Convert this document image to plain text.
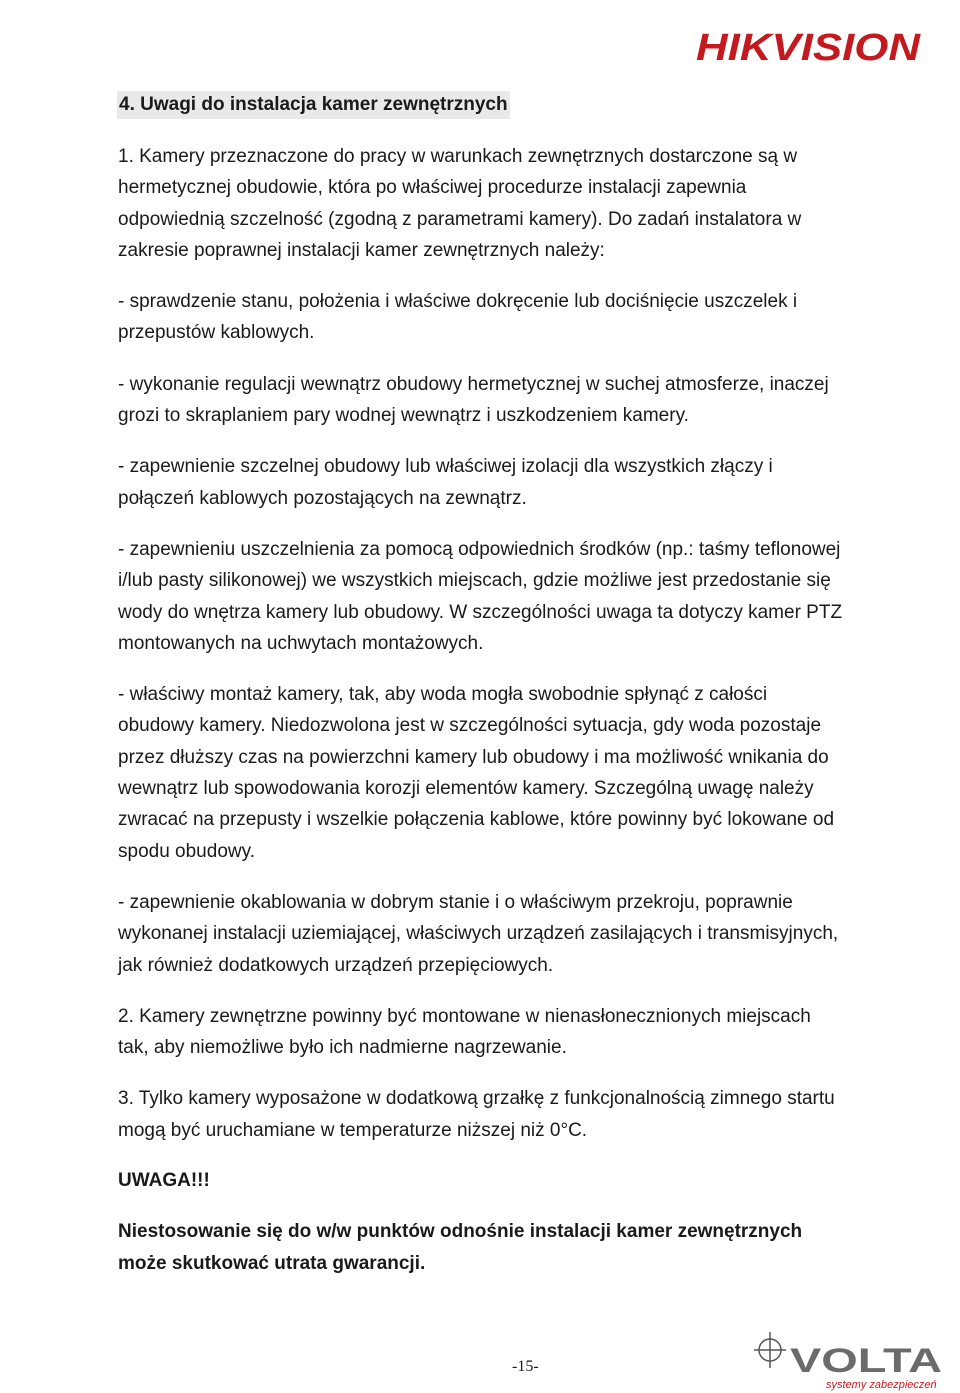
HIKVISION
4. Uwagi do instalacja kamer zewnętrznych

1. Kamery przeznaczone do pracy w warunkach zewnętrznych dostarczone są w hermetycznej obudowie, która po właściwej procedurze instalacji zapewnia odpowiednią szczelność (zgodną z parametrami kamery). Do zadań instalatora w zakresie poprawnej instalacji kamer zewnętrznych należy:

- sprawdzenie stanu, położenia i właściwe dokręcenie lub dociśnięcie uszczelek i przepustów kablowych.

- wykonanie regulacji wewnątrz obudowy hermetycznej w suchej atmosferze, inaczej grozi to skraplaniem pary wodnej wewnątrz i uszkodzeniem kamery.

- zapewnienie szczelnej obudowy lub właściwej izolacji dla wszystkich złączy i połączeń kablowych pozostających na zewnątrz.

- zapewnieniu uszczelnienia za pomocą odpowiednich środków (np.: taśmy teflonowej i/lub pasty silikonowej) we wszystkich miejscach, gdzie możliwe jest przedostanie się wody do wnętrza kamery lub obudowy. W szczególności uwaga ta dotyczy kamer PTZ montowanych na uchwytach montażowych.

- właściwy montaż kamery, tak, aby woda mogła swobodnie spłynąć z całości obudowy kamery. Niedozwolona jest w szczególności sytuacja, gdy woda pozostaje przez dłuższy czas na powierzchni kamery lub obudowy i ma możliwość wnikania do wewnątrz lub spowodowania korozji elementów kamery. Szczególną uwagę należy zwracać na przepusty i wszelkie połączenia kablowe, które powinny być lokowane od spodu obudowy.

- zapewnienie okablowania w dobrym stanie i o właściwym przekroju, poprawnie wykonanej instalacji uziemiającej, właściwych urządzeń zasilających i transmisyjnych, jak również dodatkowych urządzeń przepięciowych.

2. Kamery zewnętrzne powinny być montowane w nienasłonecznionych miejscach tak, aby niemożliwe było ich nadmierne nagrzewanie.

3. Tylko kamery wyposażone w dodatkową grzałkę z funkcjonalnością zimnego startu mogą być uruchamiane w temperaturze niższej niż 0°C.

UWAGA!!!

Niestosowanie się do w/w punktów odnośnie instalacji kamer zewnętrznych może skutkować utrata gwarancji.

-15-	VOLTA
systemy zabezpieczeń
